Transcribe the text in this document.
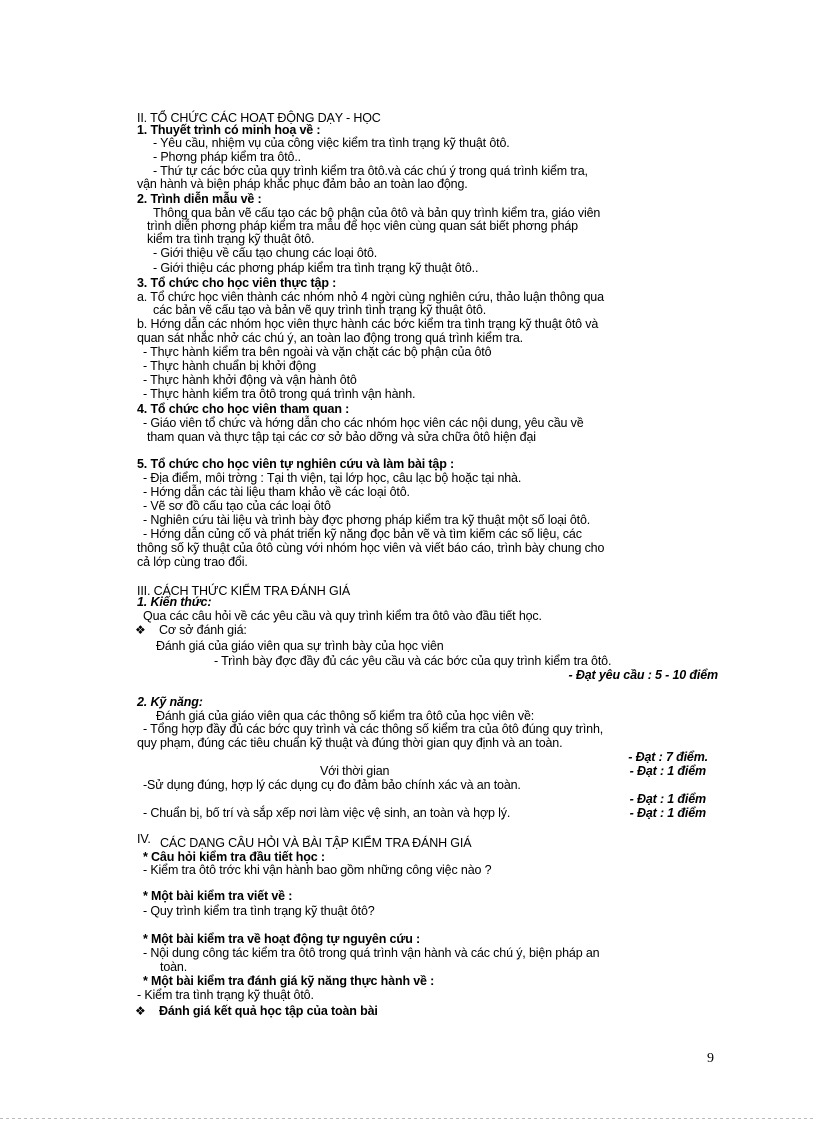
II. TỔ CHỨC CÁC HOẠT ĐỘNG DẠY - HỌC
1. Thuyết trình có minh hoạ về :
- Yêu cầu, nhiệm vụ của công việc kiểm tra tình trạng kỹ thuật ôtô.
- Phơng pháp kiểm tra ôtô..
- Thứ tự các bớc của quy trình kiểm tra ôtô.và các chú ý trong quá trình kiểm tra,
vận hành và biện pháp khắc phục đảm bảo an toàn lao động.
2. Trình diễn mẫu về :
Thông qua bản vẽ cấu tạo các bộ phận của ôtô và bản quy trình kiểm tra, giáo viên
trình diễn phơng pháp kiểm tra mẫu để học viên cùng quan sát biết phơng pháp
kiểm tra tình trạng kỹ thuật ôtô.
- Giới thiệu về cấu tạo chung các loại ôtô.
- Giới thiệu các phơng pháp kiểm tra tình trạng kỹ thuật ôtô..
3. Tổ chức cho học viên thực tập :
a. Tổ chức học viên thành các nhóm nhỏ 4 ngời cùng nghiên cứu, thảo luận thông qua
các bản vẽ cấu tạo và bản vẽ quy trình tình trạng kỹ thuật ôtô.
b. Hớng dẫn các nhóm học viên thực hành các bớc kiểm tra tình trạng kỹ thuật ôtô và
quan sát nhắc nhở các chú ý, an toàn lao động trong quá trình kiểm tra.
- Thực hành kiểm tra bên ngoài và vặn chặt các bộ phận của ôtô
- Thực hành chuẩn bị khởi động
- Thực hành khởi động và vận hành ôtô
- Thực hành kiểm tra ôtô trong quá trình vận hành.
4. Tổ chức cho học viên tham quan :
- Giáo viên tổ chức và hớng dẫn cho các nhóm học viên các nội dung, yêu cầu về
tham quan và thực tập tại các cơ sở bảo dỡng và sửa chữa ôtô hiện đại
5. Tổ chức cho học viên tự nghiên cứu và làm bài tập :
- Địa điểm, môi trờng : Tại th viện, tại lớp học, câu lạc bộ hoặc tại nhà.
- Hớng dẫn các tài liệu tham khảo về các loại ôtô.
- Vẽ sơ đồ cấu tạo của các loại ôtô
- Nghiên cứu tài liệu và trình bày đợc phơng pháp kiểm tra kỹ thuật một số loại ôtô.
- Hớng dẫn củng cố và phát triển kỹ năng đọc bản vẽ và tìm kiếm các số liệu, các
thông số kỹ thuật của ôtô cùng với nhóm học viên và viết báo cáo, trình bày chung cho
cả lớp cùng trao đổi.
III. CÁCH THỨC KIỂM TRA ĐÁNH GIÁ
1. Kiến thức:
Qua các câu hỏi về các yêu cầu và quy trình kiểm tra ôtô vào đầu tiết học.
❖ Cơ sở đánh giá:
Đánh giá của giáo viên qua sự trình bày của học viên
- Trình bày đợc đầy đủ các yêu cầu và các bớc của quy trình kiểm tra ôtô.
- Đạt yêu cầu : 5 - 10 điểm
2. Kỹ năng:
Đánh giá của giáo viên qua các thông số kiểm tra ôtô của học viên về:
- Tổng hợp đầy đủ các bớc quy trình và các thông số kiểm tra của ôtô đúng quy trình,
quy phạm, đúng các tiêu chuẩn kỹ thuật và đúng thời gian quy định và an toàn.
- Đạt : 7 điểm.
Với thời gian	- Đạt : 1 điểm
-Sử dụng đúng, hợp lý các dụng cụ đo đảm bảo chính xác và an toàn.
- Đạt : 1 điểm
- Chuẩn bị, bố trí và sắp xếp nơi làm việc vệ sinh, an toàn và hợp lý.	- Đạt : 1 điểm
IV. CÁC DẠNG CÂU HỎI VÀ BÀI TẬP KIỂM TRA ĐÁNH GIÁ
* Câu hỏi kiểm tra đầu tiết học :
- Kiểm tra ôtô trớc khi vận hành bao gồm những công việc nào ?
* Một bài kiểm tra viết về :
- Quy trình kiểm tra tình trạng kỹ thuật ôtô?
* Một bài kiểm tra về hoạt động tự nguyên cứu :
- Nội dung công tác kiểm tra ôtô trong quá trình vận hành và các chú ý, biện pháp an
toàn.
* Một bài kiểm tra đánh giá kỹ năng thực hành về :
- Kiểm tra tình trạng kỹ thuật ôtô.
❖ Đánh giá kết quả học tập của toàn bài
9
